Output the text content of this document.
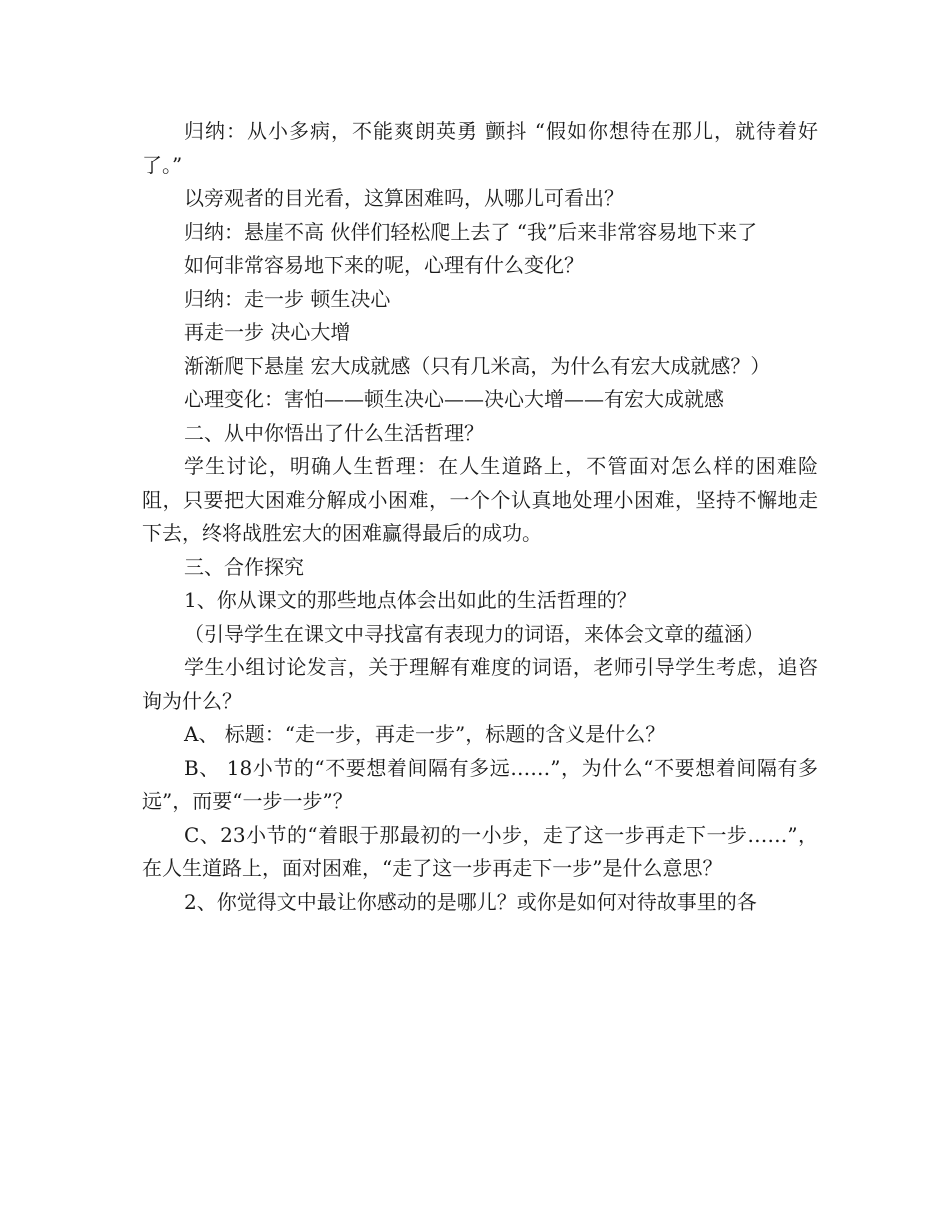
归纳：从小多病，不能爽朗英勇 颤抖 “假如你想待在那儿，就待着好了。”

以旁观者的目光看，这算困难吗，从哪儿可看出？

归纳：悬崖不高 伙伴们轻松爬上去了 “我”后来非常容易地下来了

如何非常容易地下来的呢，心理有什么变化？

归纳：走一步 顿生决心

再走一步 决心大增

渐渐爬下悬崖 宏大成就感（只有几米高，为什么有宏大成就感？）

心理变化：害怕——顿生决心——决心大增——有宏大成就感

二、从中你悟出了什么生活哲理？

学生讨论，明确人生哲理：在人生道路上，不管面对怎么样的困难险阻，只要把大困难分解成小困难，一个个认真地处理小困难，坚持不懈地走下去，终将战胜宏大的困难赢得最后的成功。

三、合作探究

1、你从课文的那些地点体会出如此的生活哲理的？

（引导学生在课文中寻找富有表现力的词语，来体会文章的蕴涵）

学生小组讨论发言，关于理解有难度的词语，老师引导学生考虑，追咨询为什么？

A、 标题：“走一步，再走一步”，标题的含义是什么？

B、 18小节的“不要想着间隔有多远……”，为什么“不要想着间隔有多远”，而要“一步一步”？

C、23小节的“着眼于那最初的一小步，走了这一步再走下一步……”，在人生道路上，面对困难，“走了这一步再走下一步”是什么意思？

2、你觉得文中最让你感动的是哪儿？或你是如何对待故事里的各
